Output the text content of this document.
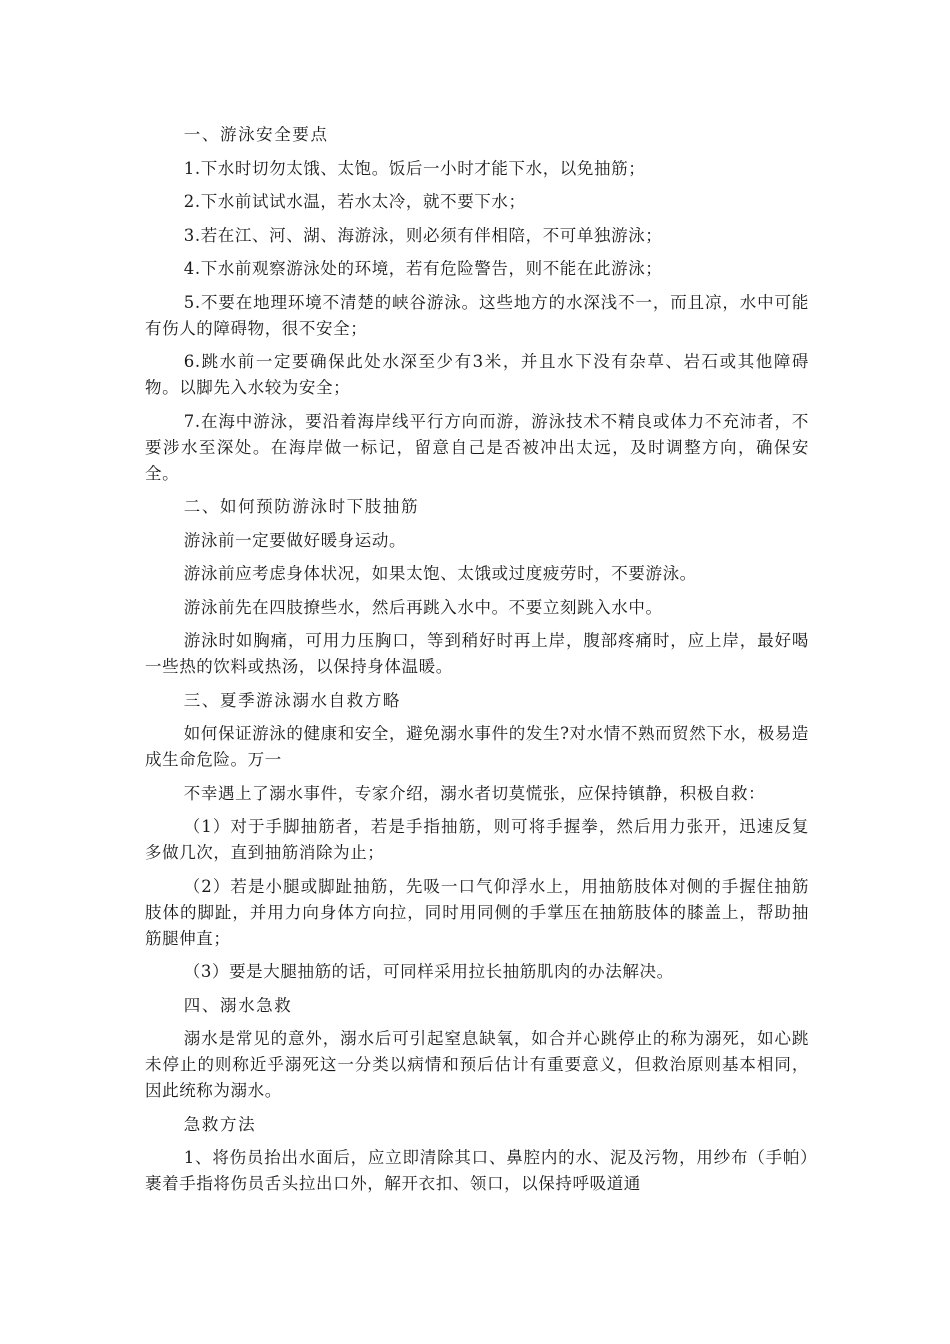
一、游泳安全要点

1.下水时切勿太饿、太饱。饭后一小时才能下水，以免抽筋；

2.下水前试试水温，若水太冷，就不要下水；

3.若在江、河、湖、海游泳，则必须有伴相陪，不可单独游泳；

4.下水前观察游泳处的环境，若有危险警告，则不能在此游泳；

5.不要在地理环境不清楚的峡谷游泳。这些地方的水深浅不一，而且凉，水中可能有伤人的障碍物，很不安全；

6.跳水前一定要确保此处水深至少有3米，并且水下没有杂草、岩石或其他障碍物。以脚先入水较为安全；

7.在海中游泳，要沿着海岸线平行方向而游，游泳技术不精良或体力不充沛者，不要涉水至深处。在海岸做一标记，留意自己是否被冲出太远，及时调整方向，确保安全。

二、如何预防游泳时下肢抽筋

游泳前一定要做好暖身运动。

游泳前应考虑身体状况，如果太饱、太饿或过度疲劳时，不要游泳。

游泳前先在四肢撩些水，然后再跳入水中。不要立刻跳入水中。

游泳时如胸痛，可用力压胸口，等到稍好时再上岸，腹部疼痛时，应上岸，最好喝一些热的饮料或热汤，以保持身体温暖。

三、夏季游泳溺水自救方略

如何保证游泳的健康和安全，避免溺水事件的发生?对水情不熟而贸然下水，极易造成生命危险。万一

不幸遇上了溺水事件，专家介绍，溺水者切莫慌张，应保持镇静，积极自救：

（1）对于手脚抽筋者，若是手指抽筋，则可将手握拳，然后用力张开，迅速反复多做几次，直到抽筋消除为止；

（2）若是小腿或脚趾抽筋，先吸一口气仰浮水上，用抽筋肢体对侧的手握住抽筋肢体的脚趾，并用力向身体方向拉，同时用同侧的手掌压在抽筋肢体的膝盖上，帮助抽筋腿伸直；

（3）要是大腿抽筋的话，可同样采用拉长抽筋肌肉的办法解决。

四、溺水急救

溺水是常见的意外，溺水后可引起窒息缺氧，如合并心跳停止的称为溺死，如心跳未停止的则称近乎溺死这一分类以病情和预后估计有重要意义，但救治原则基本相同，因此统称为溺水。

急救方法

1、将伤员抬出水面后，应立即清除其口、鼻腔内的水、泥及污物，用纱布（手帕）裹着手指将伤员舌头拉出口外，解开衣扣、领口，以保持呼吸道通
